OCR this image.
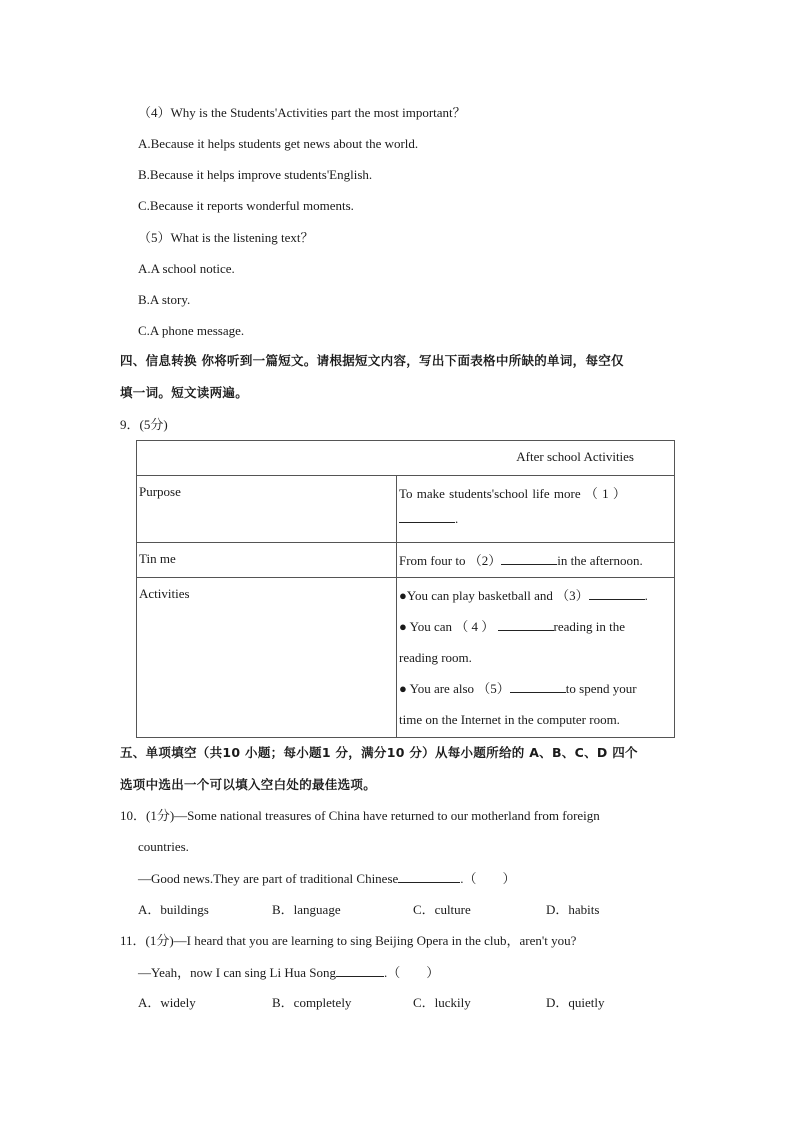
（4）Why is the Students'Activities part the most important？
A.Because it helps students get news about the world.
B.Because it helps improve students'English.
C.Because it reports wonderful moments.
（5）What is the listening text？
A.A school notice.
B.A story.
C.A phone message.
四、信息转换 你将听到一篇短文。请根据短文内容，写出下面表格中所缺的单词，每空仅
填一词。短文读两遍。
9．(5分)
After school Activities	
Purpose	To make students'school life more （ 1 ）
.

Tin me	From four to （2） in the afternoon.
Activities	●You can play basketball and （3） .
● You can （ 4 ） reading in the
reading room.
● You are also （5） to spend your
time on the Internet in the computer room.
五、单项填空（共10 小题；每小题1 分，满分10 分）从每小题所给的 A、B、C、D 四个
选项中选出一个可以填入空白处的最佳选项。
10．(1分)—Some national treasures of China have returned to our motherland from foreign
countries.
—Good news.They are part of traditional Chinese	.（　　）
A．buildings	B．language	C．culture	D．habits
11．(1分)—I heard that you are learning to sing Beijing Opera in the club，aren't you?
—Yeah，now I can sing Li Hua Song	.（　　）
A．widely	B．completely	C．luckily	D．quietly
